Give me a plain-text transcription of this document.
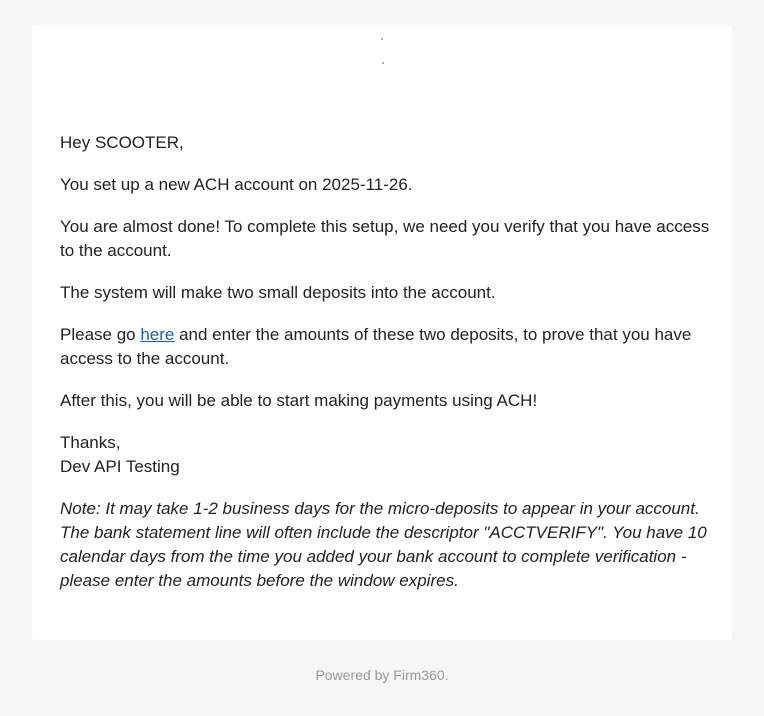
Hey SCOOTER,

You set up a new ACH account on 2025-11-26.

You are almost done! To complete this setup, we need you verify that you have access to the account.

The system will make two small deposits into the account.

Please go here and enter the amounts of these two deposits, to prove that you have access to the account.

After this, you will be able to start making payments using ACH!

Thanks,
Dev API Testing

Note: It may take 1-2 business days for the micro-deposits to appear in your account. The bank statement line will often include the descriptor "ACCTVERIFY". You have 10 calendar days from the time you added your bank account to complete verification - please enter the amounts before the window expires.

Powered by Firm360.
